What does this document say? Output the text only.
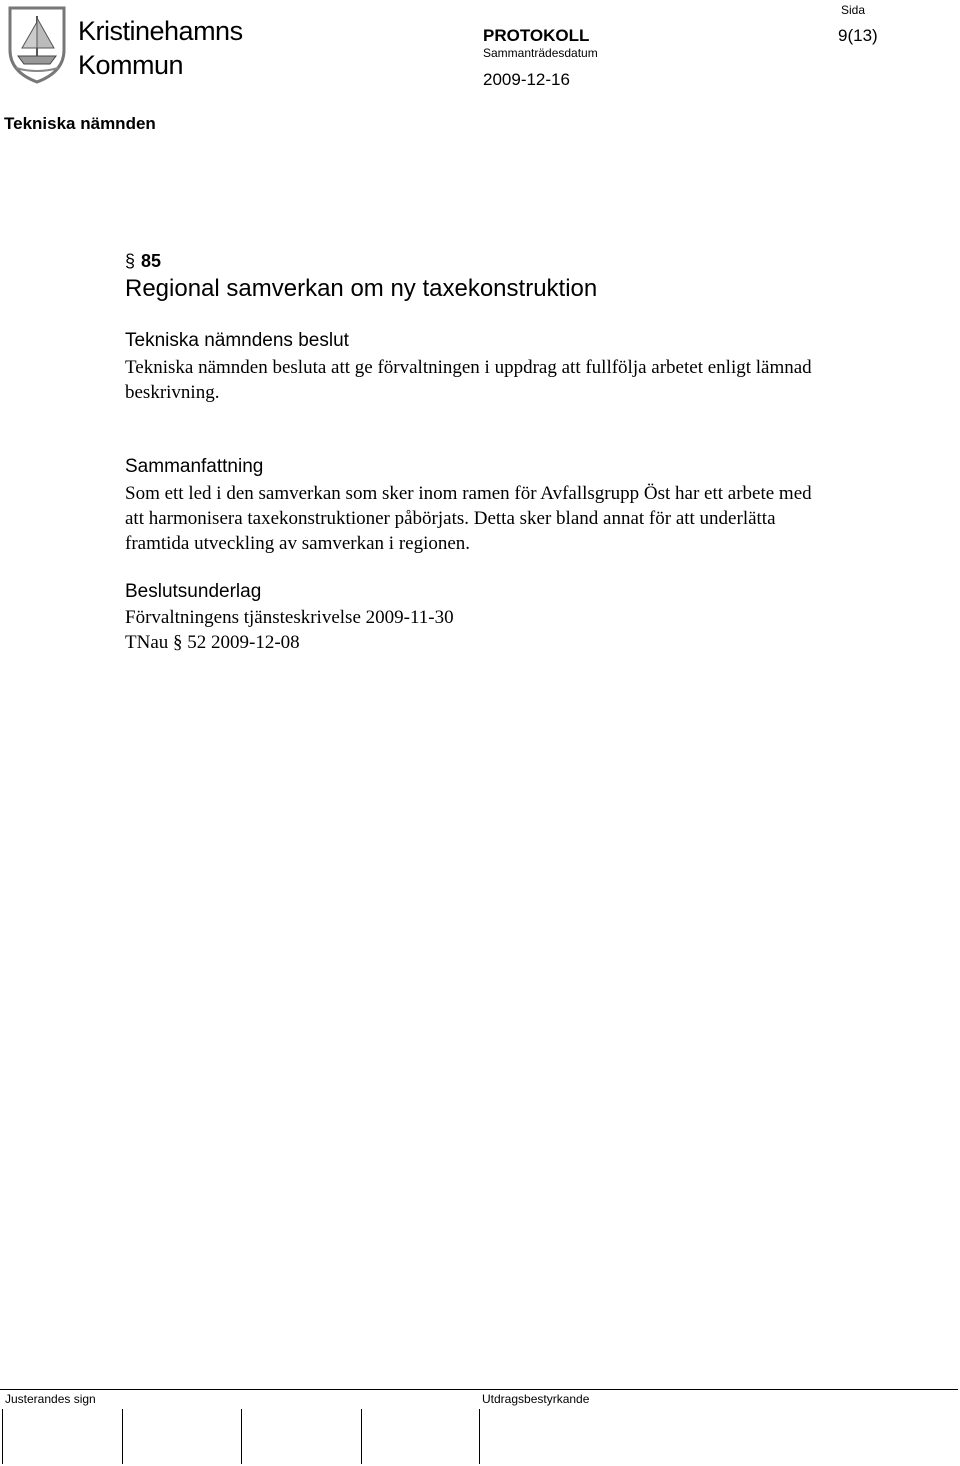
Kristinehamns
Kommun
PROTOKOLL
Sammanträdesdatum
2009-12-16
Sida
9(13)
Tekniska nämnden
§ 85
Regional samverkan om ny taxekonstruktion
Tekniska nämndens beslut
Tekniska nämnden besluta att ge förvaltningen i uppdrag att fullfölja arbetet enligt lämnad beskrivning.
Sammanfattning
Som ett led i den samverkan som sker inom ramen för Avfallsgrupp Öst har ett arbete med att harmonisera taxekonstruktioner påbörjats. Detta sker bland annat för att underlätta framtida utveckling av samverkan i regionen.
Beslutsunderlag
Förvaltningens tjänsteskrivelse 2009-11-30
TNau § 52 2009-12-08
Justerandes sign	Utdragsbestyrkande
